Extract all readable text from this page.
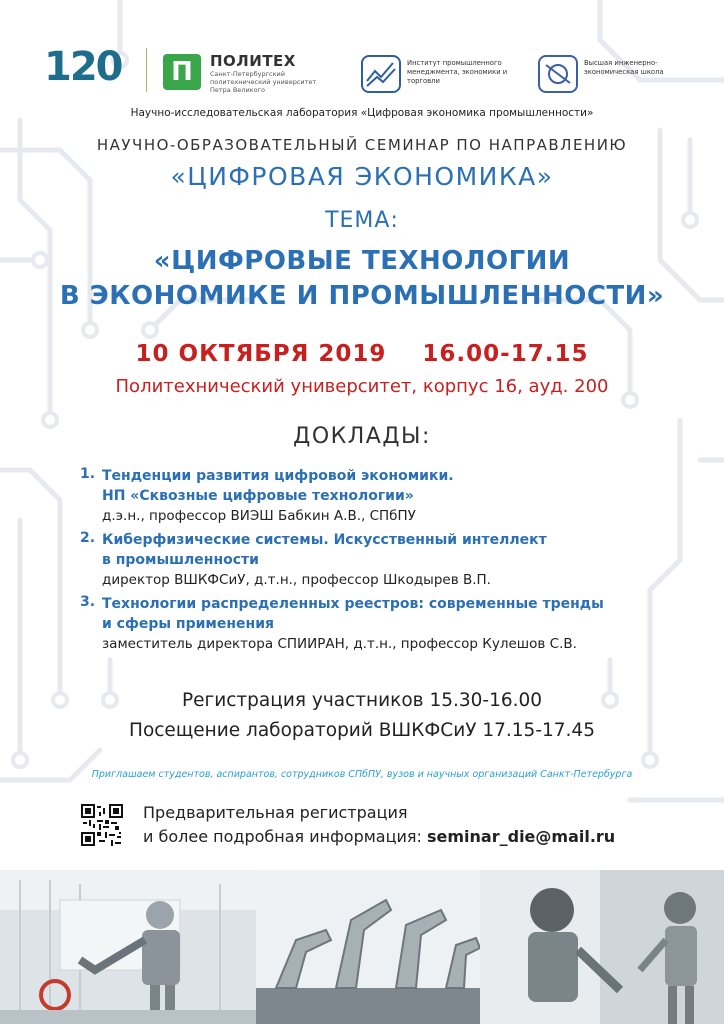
120	П	ПОЛИТЕХ
Санкт-Петербургский политехнический университет Петра Великого
Институт промышленного менеджмента, экономики и торговли
Высшая инженерно-экономическая школа
Научно-исследовательская лаборатория «Цифровая экономика промышленности»
НАУЧНО-ОБРАЗОВАТЕЛЬНЫЙ СЕМИНАР ПО НАПРАВЛЕНИЮ
«ЦИФРОВАЯ ЭКОНОМИКА»
ТЕМА:
«ЦИФРОВЫЕ ТЕХНОЛОГИИ
В ЭКОНОМИКЕ И ПРОМЫШЛЕННОСТИ»
10 ОКТЯБРЯ 2019 16.00-17.15
Политехнический университет, корпус 16, ауд. 200
ДОКЛАДЫ:
1. Тенденции развития цифровой экономики.
НП «Сквозные цифровые технологии»
д.э.н., профессор ВИЭШ Бабкин А.В., СПбПУ
2. Киберфизические системы. Искусственный интеллект
в промышленности
директор ВШКФСиУ, д.т.н., профессор Шкодырев В.П.
3. Технологии распределенных реестров: современные тренды
и сферы применения
заместитель директора СПИИРАН, д.т.н., профессор Кулешов С.В.
Регистрация участников 15.30-16.00
Посещение лабораторий ВШКФСиУ 17.15-17.45
Приглашаем студентов, аспирантов, сотрудников СПбПУ, вузов и научных организаций Санкт-Петербурга
Предварительная регистрация
и более подробная информация: seminar_die@mail.ru
